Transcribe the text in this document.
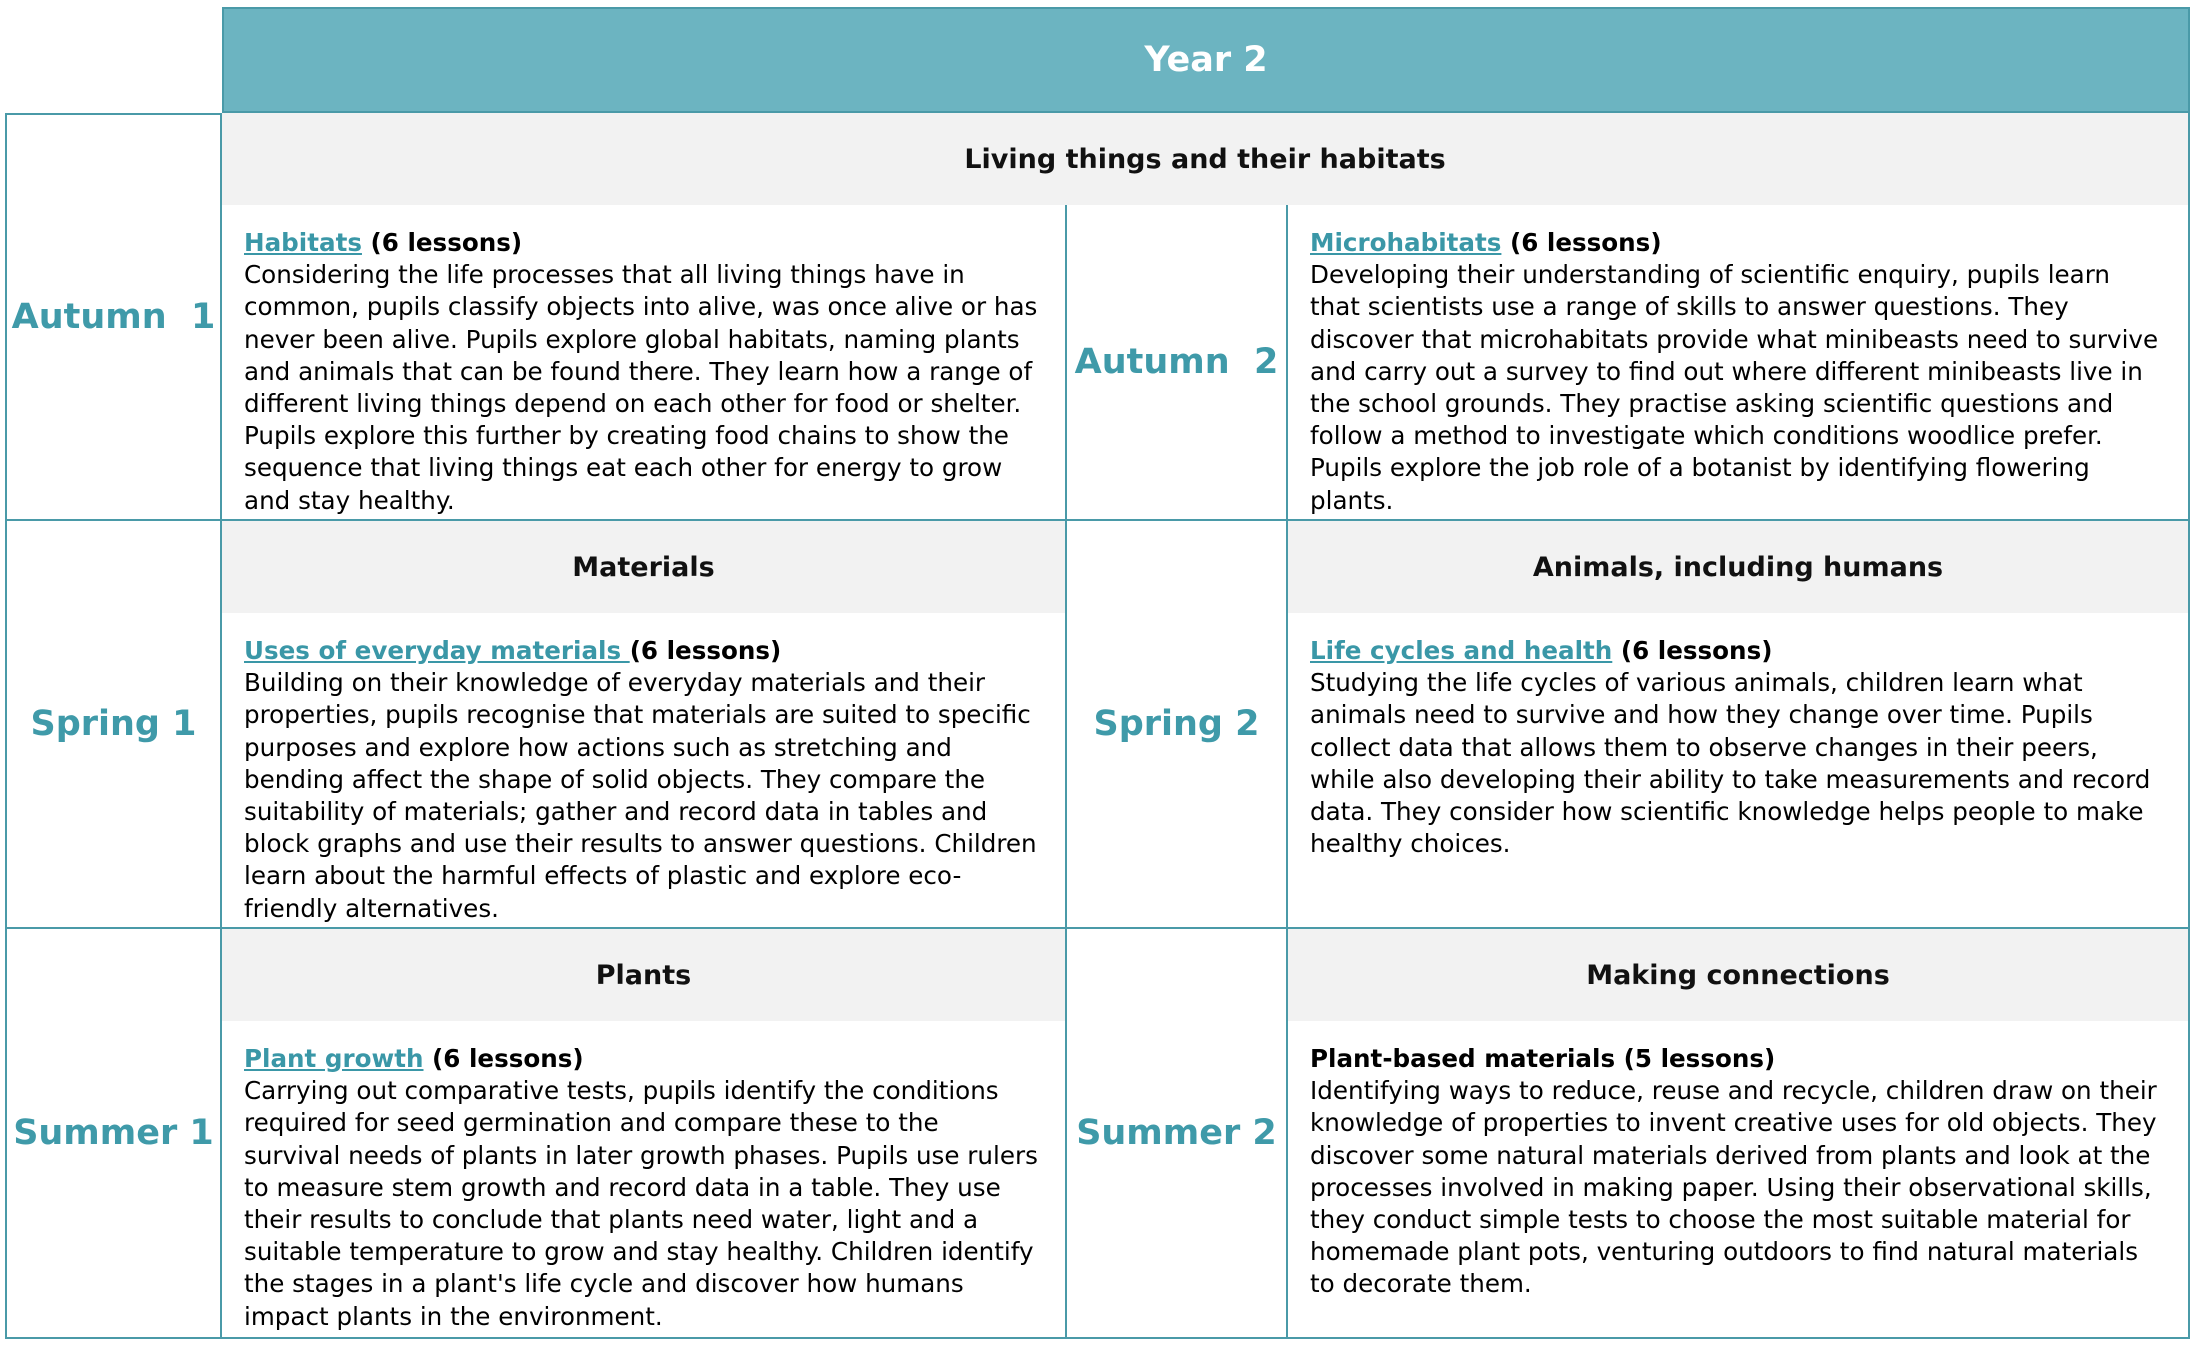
Year 2
Autumn  1
Living things and their habitats
Habitats (6 lessons)
Considering the life processes that all living things have in common, pupils classify objects into alive, was once alive or has never been alive. Pupils explore global habitats, naming plants and animals that can be found there. They learn how a range of different living things depend on each other for food or shelter. Pupils explore this further by creating food chains to show the sequence that living things eat each other for energy to grow and stay healthy.
Autumn  2
Microhabitats (6 lessons)
Developing their understanding of scientific enquiry, pupils learn that scientists use a range of skills to answer questions. They discover that microhabitats provide what minibeasts need to survive and carry out a survey to find out where different minibeasts live in the school grounds. They practise asking scientific questions and follow a method to investigate which conditions woodlice prefer. Pupils explore the job role of a botanist by identifying flowering plants.
Spring 1
Materials
Uses of everyday materials (6 lessons)
Building on their knowledge of everyday materials and their properties, pupils recognise that materials are suited to specific purposes and explore how actions such as stretching and bending affect the shape of solid objects. They compare the suitability of materials; gather and record data in tables and block graphs and use their results to answer questions. Children learn about the harmful effects of plastic and explore eco-friendly alternatives.
Spring 2
Animals, including humans
Life cycles and health (6 lessons)
Studying the life cycles of various animals, children learn what animals need to survive and how they change over time. Pupils collect data that allows them to observe changes in their peers, while also developing their ability to take measurements and record data. They consider how scientific knowledge helps people to make healthy choices.
Summer 1
Plants
Plant growth (6 lessons)
Carrying out comparative tests, pupils identify the conditions required for seed germination and compare these to the survival needs of plants in later growth phases. Pupils use rulers to measure stem growth and record data in a table. They use their results to conclude that plants need water, light and a suitable temperature to grow and stay healthy. Children identify the stages in a plant's life cycle and discover how humans impact plants in the environment.
Summer 2
Making connections
Plant-based materials (5 lessons)
Identifying ways to reduce, reuse and recycle, children draw on their knowledge of properties to invent creative uses for old objects. They discover some natural materials derived from plants and look at the processes involved in making paper. Using their observational skills, they conduct simple tests to choose the most suitable material for homemade plant pots, venturing outdoors to find natural materials to decorate them.
